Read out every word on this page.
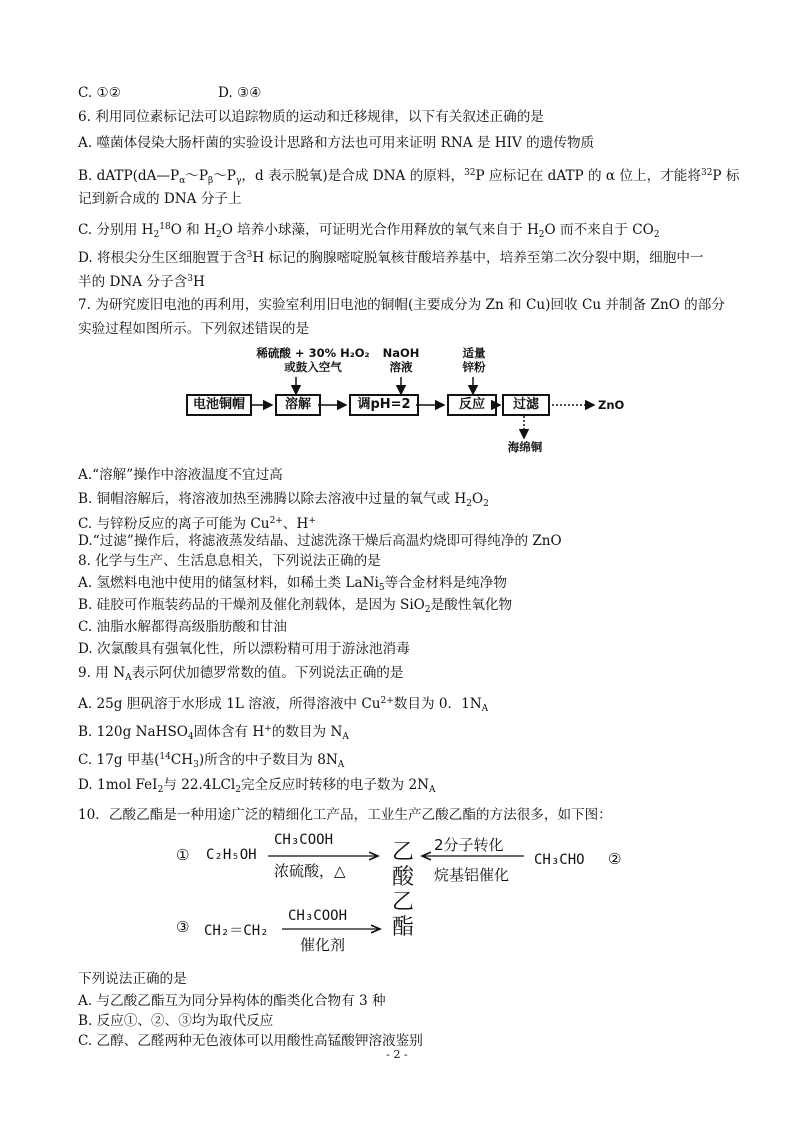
C. ①②	D. ③④
6. 利用同位素标记法可以追踪物质的运动和迁移规律，以下有关叙述正确的是
A. 噬菌体侵染大肠杆菌的实验设计思路和方法也可用来证明 RNA 是 HIV 的遗传物质
B. $dATP(dA—P_\alpha\sim P_\beta\sim P_\gamma$，d 表示脱氧)是合成 DNA 的原料，$^{32}$P 应标记在 dATP 的 α 位上，才能将$^{32}$P 标
记到新合成的 DNA 分子上
C. 分别用 $H_2^{18}O$ 和 $H_2O$ 培养小球藻，可证明光合作用释放的氧气来自于 $H_2O$ 而不来自于 $CO_2$
D. 将根尖分生区细胞置于含$^3$H 标记的胸腺嘧啶脱氧核苷酸培养基中，培养至第二次分裂中期，细胞中一
半的 DNA 分子含$^3$H
7. 为研究废旧电池的再利用，实验室利用旧电池的铜帽(主要成分为 Zn 和 Cu)回收 Cu 并制备 ZnO 的部分
实验过程如图所示。下列叙述错误的是
稀硫酸 + 30% H₂O₂
或鼓入空气
NaOH
溶液
适量
锌粉
电池铜帽	溶解	调pH=2	反应	过滤	ZnO
海绵铜
A.“溶解”操作中溶液温度不宜过高
B. 铜帽溶解后，将溶液加热至沸腾以除去溶液中过量的氧气或 $H_2O_2$
C. 与锌粉反应的离子可能为 $Cu^{2+}$、H+
D.“过滤”操作后，将滤液蒸发结晶、过滤洗涤干燥后高温灼烧即可得纯净的 ZnO
8. 化学与生产、生活息息相关，下列说法正确的是
A. 氢燃料电池中使用的储氢材料，如稀土类 LaNi$_5$等合金材料是纯净物
B. 硅胶可作瓶装药品的干燥剂及催化剂载体，是因为 SiO$_2$是酸性氧化物
C. 油脂水解都得高级脂肪酸和甘油
D. 次氯酸具有强氧化性，所以漂粉精可用于游泳池消毒
9. 用 $N_A$表示阿伏加德罗常数的值。下列说法正确的是
A. 25g 胆矾溶于水形成 1L 溶液，所得溶液中 $Cu^{2+}$数目为 0．$1N_A$
B. 120g NaHSO$_4$固体含有 H+的数目为 $N_A$
C. 17g 甲基$(^{14}CH_3)$所含的中子数目为 $8N_A$
D. 1mol FeI$_2$与 22.4LCl$_2$完全反应时转移的电子数为 $2N_A$
10．乙酸乙酯是一种用途广泛的精细化工产品，工业生产乙酸乙酯的方法很多，如下图：
① C₂H₅OH
CH₃COOH
浓硫酸，△
乙
酸
乙
酯
2分子转化
烷基铝催化
CH₃CHO ②
③ CH₂＝CH₂
CH₃COOH
催化剂
下列说法正确的是
A. 与乙酸乙酯互为同分异构体的酯类化合物有 3 种
B. 反应①、②、③均为取代反应
C. 乙醇、乙醛两种无色液体可以用酸性高锰酸钾溶液鉴别
- 2 -
